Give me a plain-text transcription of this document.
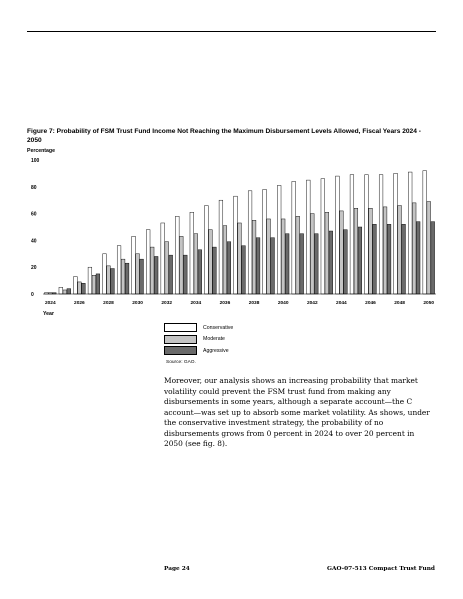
Figure 7: Probability of FSM Trust Fund Income Not Reaching the Maximum Disbursement Levels Allowed, Fiscal Years 2024 - 2050
Percentage
0
20
40
60
80
100
2024	2026	2028	2030	2032	2034	2036	2038	2040	2042	2044	2046	2048	2050
Year
Conservative
Moderate
Aggressive
Source: GAO.
Moreover, our analysis shows an increasing probability that market volatility could prevent the FSM trust fund from making any disbursements in some years, although a separate account—the C account—was set up to absorb some market volatility. As shows, under the conservative investment strategy, the probability of no disbursements grows from 0 percent in 2024 to over 20 percent in 2050 (see fig. 8).
Page 24	GAO-07-513 Compact Trust Fund
